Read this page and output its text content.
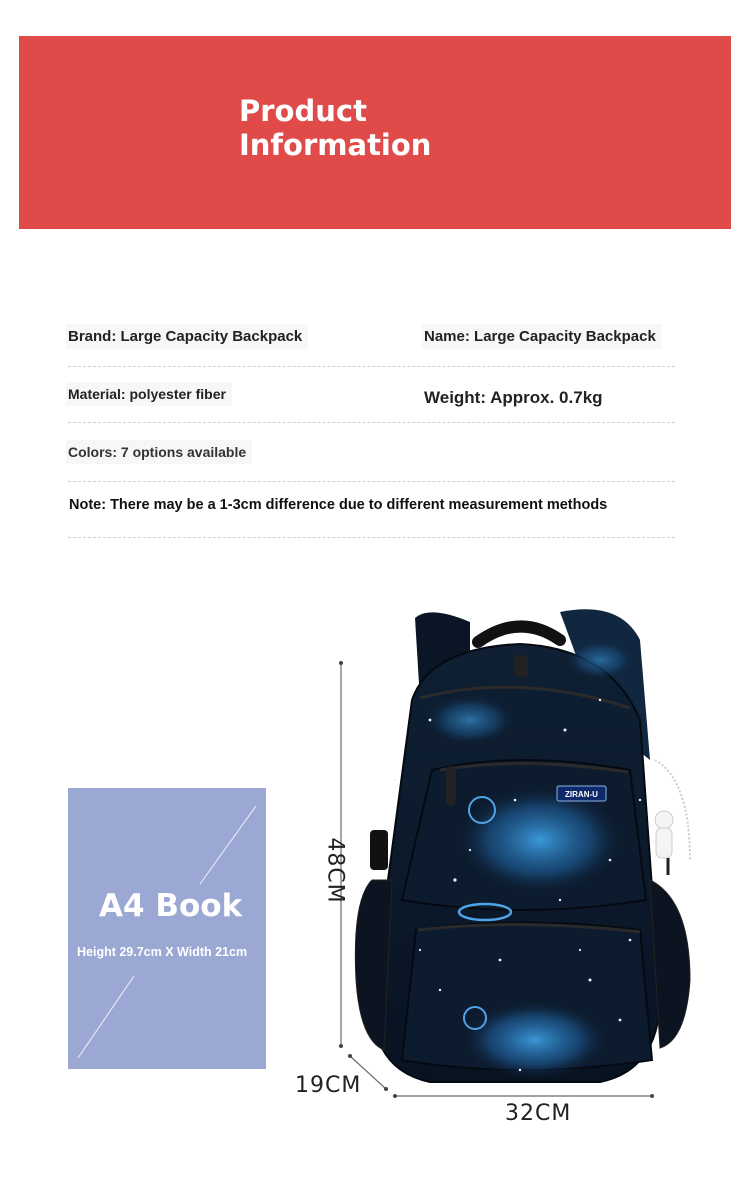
Product
Information
Brand: Large Capacity Backpack	Name: Large Capacity Backpack
Material: polyester fiber	Weight: Approx. 0.7kg
Colors: 7 options available
Note: There may be a 1-3cm difference due to different measurement methods
A4 Book
Height 29.7cm X Width 21cm
48CM
19CM
32CM
ZIRAN-U
